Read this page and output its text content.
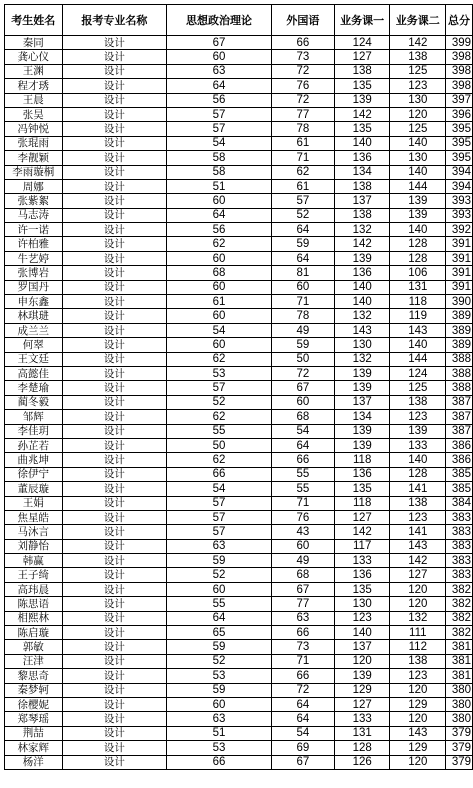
考生姓名	报考专业名称	思想政治理论	外国语	业务课一	业务课二	总分
秦同	设计	67	66	124	142	399
龚心仪	设计	60	73	127	138	398
王渊	设计	63	72	138	125	398
程才琇	设计	64	76	135	123	398
王晨	设计	56	72	139	130	397
张昊	设计	57	77	142	120	396
冯钟悦	设计	57	78	135	125	395
张琨雨	设计	54	61	140	140	395
李靓颖	设计	58	71	136	130	395
李雨璇桐	设计	58	62	134	140	394
周娜	设计	51	61	138	144	394
张紫絮	设计	60	57	137	139	393
马志涛	设计	64	52	138	139	393
许一诺	设计	56	64	132	140	392
许柏雅	设计	62	59	142	128	391
牛艺婷	设计	60	64	139	128	391
张博岩	设计	68	81	136	106	391
罗国丹	设计	60	60	140	131	391
申东鑫	设计	61	71	140	118	390
林琪琎	设计	60	78	132	119	389
成兰兰	设计	54	49	143	143	389
何翠	设计	60	59	130	140	389
王文廷	设计	62	50	132	144	388
高懿佳	设计	53	72	139	124	388
李楚瑜	设计	57	67	139	125	388
蔺冬毅	设计	52	60	137	138	387
邹辉	设计	62	68	134	123	387
李佳玥	设计	55	54	139	139	387
孙芷若	设计	50	64	139	133	386
曲兆坤	设计	62	66	118	140	386
徐伊宁	设计	66	55	136	128	385
董辰璇	设计	54	55	135	141	385
王娟	设计	57	71	118	138	384
焦星皓	设计	57	76	127	123	383
马沐言	设计	57	43	142	141	383
刘静怡	设计	63	60	117	143	383
韩赢	设计	59	49	133	142	383
王子绮	设计	52	68	136	127	383
高玮晨	设计	60	67	135	120	382
陈思语	设计	55	77	130	120	382
相熙林	设计	64	63	123	132	382
陈启璇	设计	65	66	140	111	382
郭敏	设计	59	73	137	112	381
汪津	设计	52	71	120	138	381
黎思奇	设计	53	66	139	123	381
秦梦轲	设计	59	72	129	120	380
徐樱妮	设计	60	64	127	129	380
郑琴瑶	设计	63	64	133	120	380
荆喆	设计	51	54	131	143	379
林家辉	设计	53	69	128	129	379
杨洋	设计	66	67	126	120	379
